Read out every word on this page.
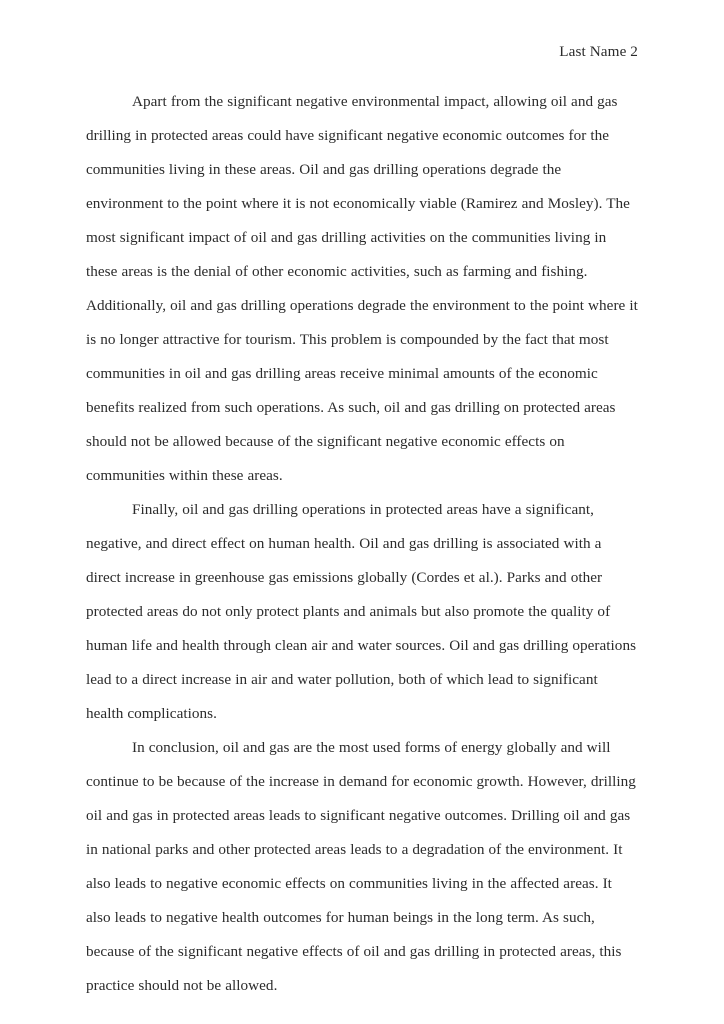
Last Name 2

Apart from the significant negative environmental impact, allowing oil and gas drilling in protected areas could have significant negative economic outcomes for the communities living in these areas. Oil and gas drilling operations degrade the environment to the point where it is not economically viable (Ramirez and Mosley). The most significant impact of oil and gas drilling activities on the communities living in these areas is the denial of other economic activities, such as farming and fishing. Additionally, oil and gas drilling operations degrade the environment to the point where it is no longer attractive for tourism. This problem is compounded by the fact that most communities in oil and gas drilling areas receive minimal amounts of the economic benefits realized from such operations. As such, oil and gas drilling on protected areas should not be allowed because of the significant negative economic effects on communities within these areas.

Finally, oil and gas drilling operations in protected areas have a significant, negative, and direct effect on human health. Oil and gas drilling is associated with a direct increase in greenhouse gas emissions globally (Cordes et al.). Parks and other protected areas do not only protect plants and animals but also promote the quality of human life and health through clean air and water sources. Oil and gas drilling operations lead to a direct increase in air and water pollution, both of which lead to significant health complications.

In conclusion, oil and gas are the most used forms of energy globally and will continue to be because of the increase in demand for economic growth. However, drilling oil and gas in protected areas leads to significant negative outcomes. Drilling oil and gas in national parks and other protected areas leads to a degradation of the environment. It also leads to negative economic effects on communities living in the affected areas. It also leads to negative health outcomes for human beings in the long term. As such, because of the significant negative effects of oil and gas drilling in protected areas, this practice should not be allowed.
